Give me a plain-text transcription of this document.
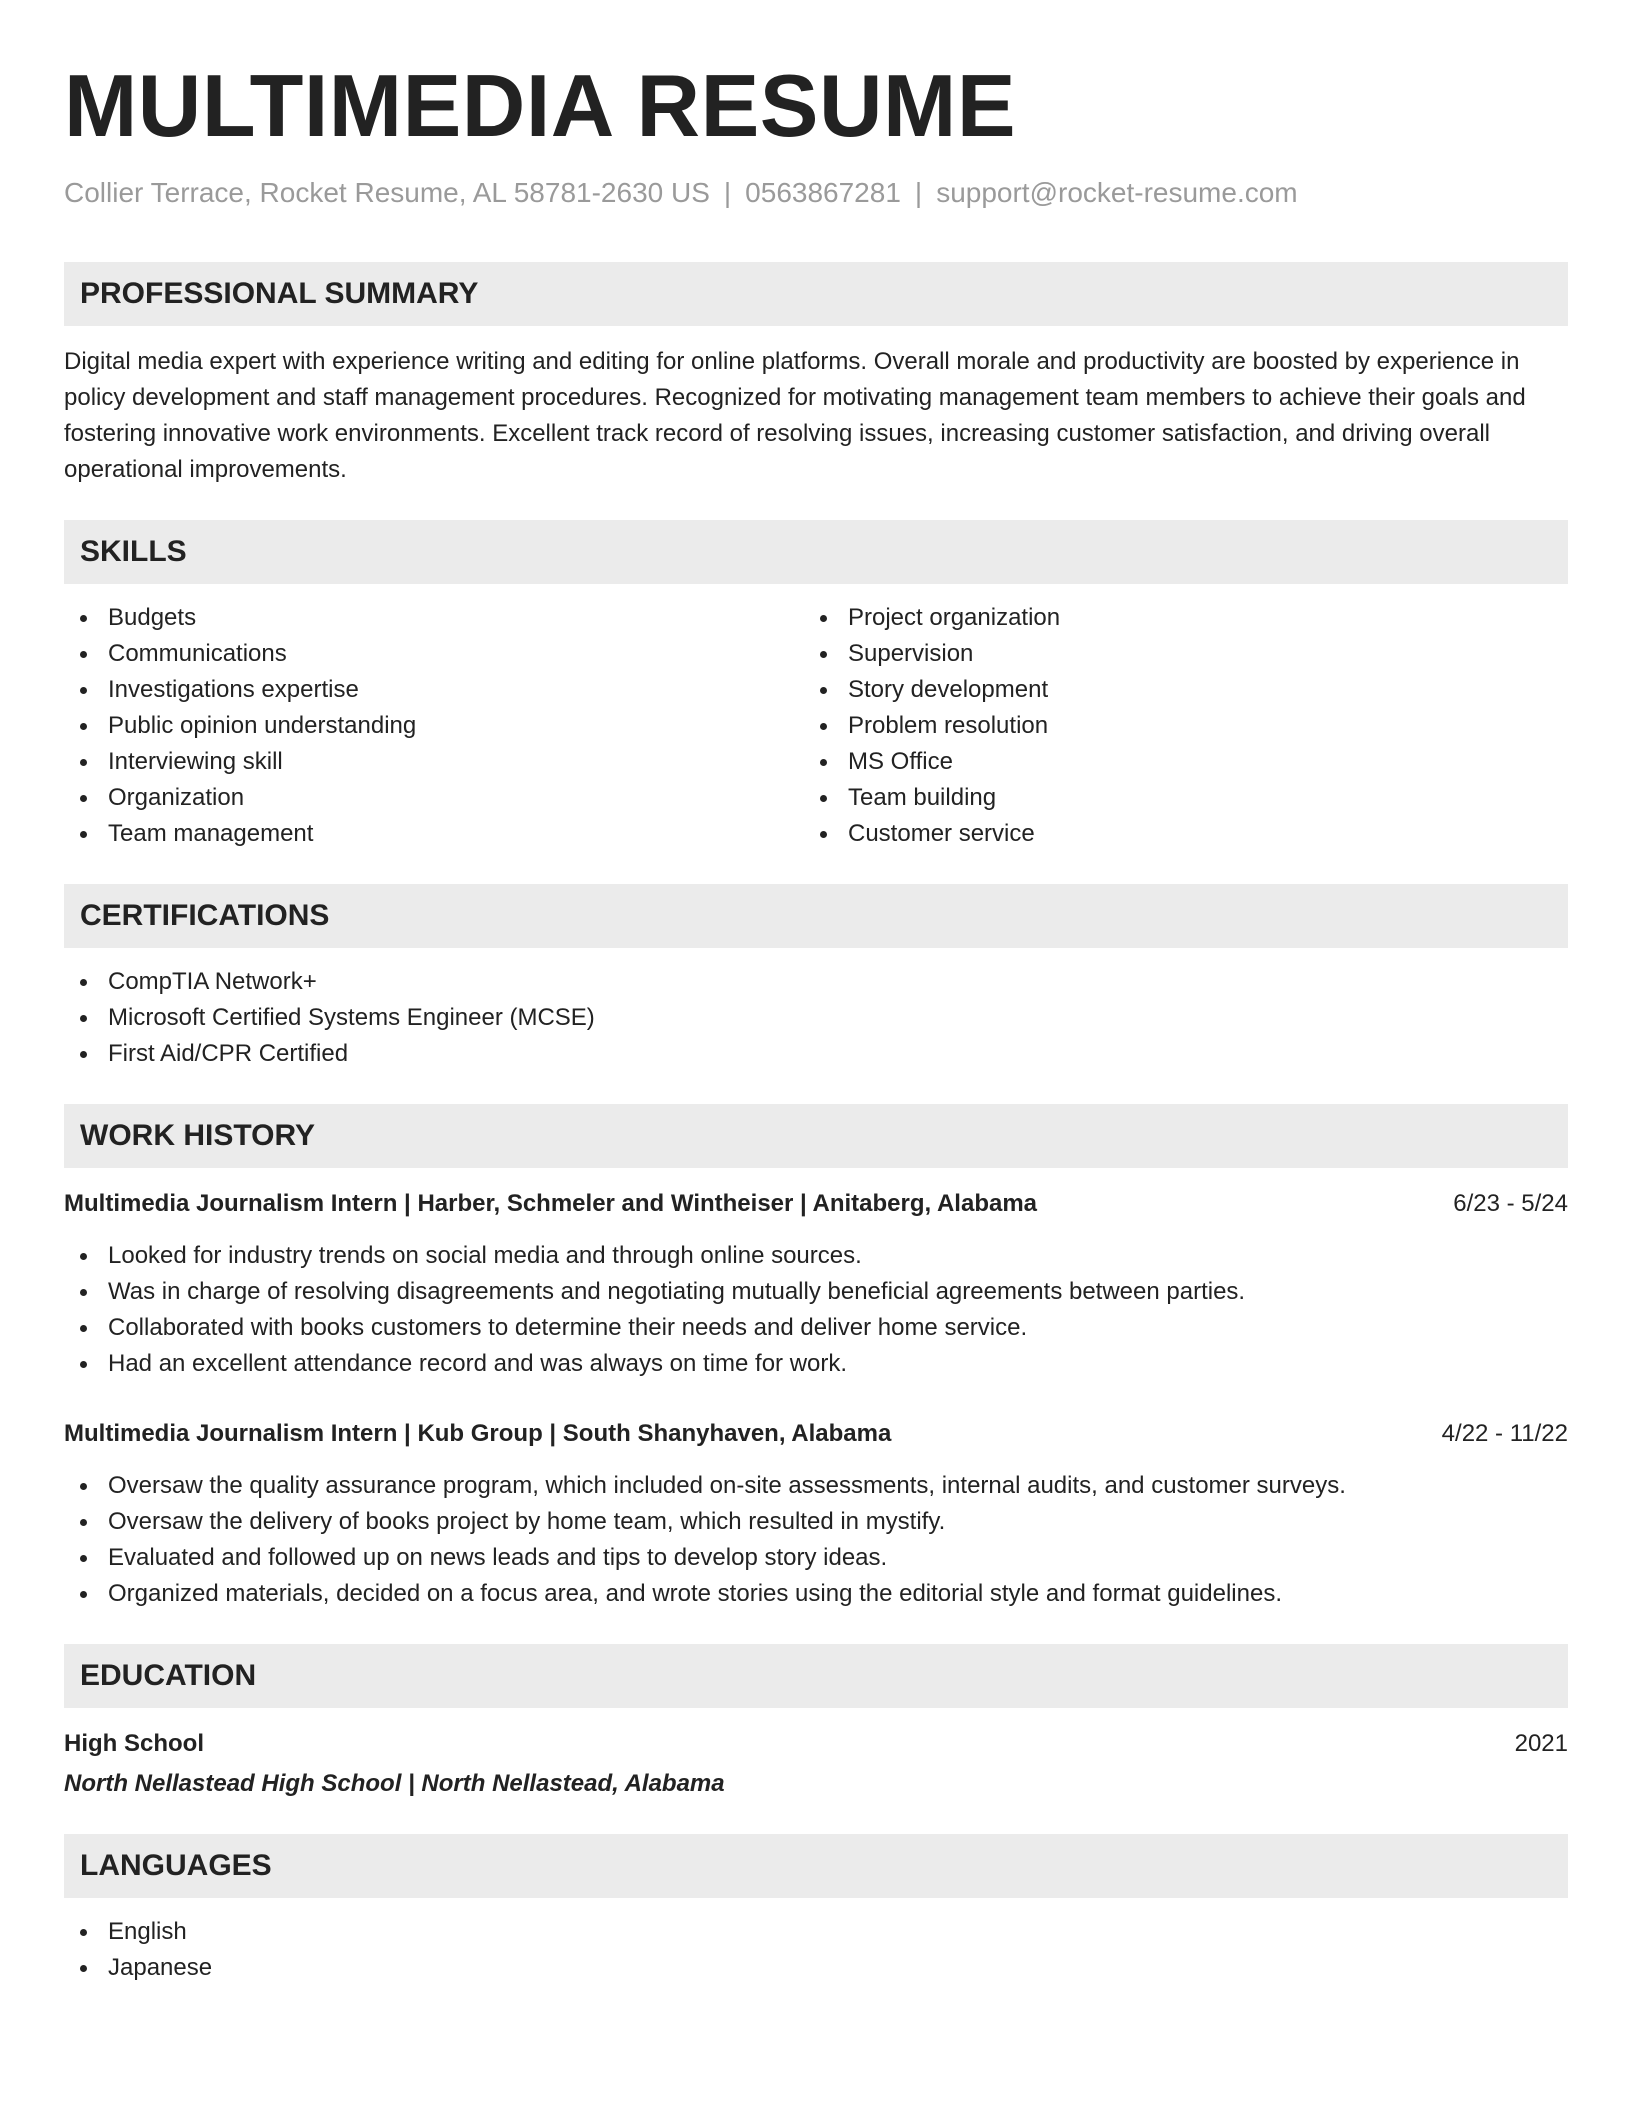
MULTIMEDIA RESUME
Collier Terrace, Rocket Resume, AL 58781-2630 US | 0563867281 | support@rocket-resume.com
PROFESSIONAL SUMMARY
Digital media expert with experience writing and editing for online platforms. Overall morale and productivity are boosted by experience in policy development and staff management procedures. Recognized for motivating management team members to achieve their goals and fostering innovative work environments. Excellent track record of resolving issues, increasing customer satisfaction, and driving overall operational improvements.
SKILLS
Budgets
Communications
Investigations expertise
Public opinion understanding
Interviewing skill
Organization
Team management
Project organization
Supervision
Story development
Problem resolution
MS Office
Team building
Customer service
CERTIFICATIONS
CompTIA Network+
Microsoft Certified Systems Engineer (MCSE)
First Aid/CPR Certified
WORK HISTORY
Multimedia Journalism Intern | Harber, Schmeler and Wintheiser | Anitaberg, Alabama	6/23 - 5/24
Looked for industry trends on social media and through online sources.
Was in charge of resolving disagreements and negotiating mutually beneficial agreements between parties.
Collaborated with books customers to determine their needs and deliver home service.
Had an excellent attendance record and was always on time for work.
Multimedia Journalism Intern | Kub Group | South Shanyhaven, Alabama	4/22 - 11/22
Oversaw the quality assurance program, which included on-site assessments, internal audits, and customer surveys.
Oversaw the delivery of books project by home team, which resulted in mystify.
Evaluated and followed up on news leads and tips to develop story ideas.
Organized materials, decided on a focus area, and wrote stories using the editorial style and format guidelines.
EDUCATION
High School	2021
North Nellastead High School | North Nellastead, Alabama
LANGUAGES
English
Japanese
